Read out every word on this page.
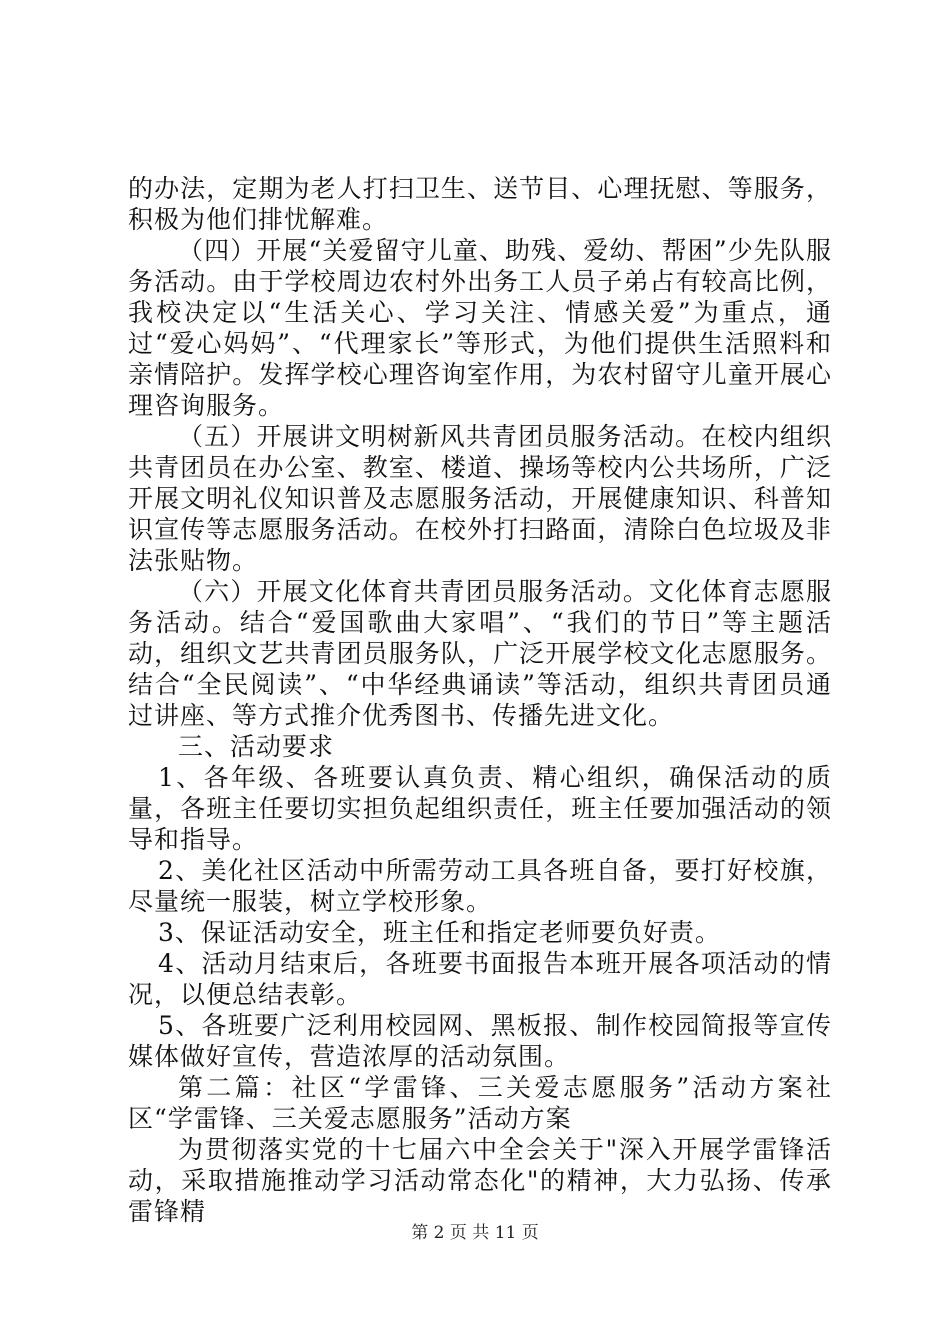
的办法，定期为老人打扫卫生、送节目、心理抚慰、等服务，积极为他们排忧解难。

（四）开展“关爱留守儿童、助残、爱幼、帮困”少先队服务活动。由于学校周边农村外出务工人员子弟占有较高比例，我校决定以“生活关心、学习关注、情感关爱”为重点，通过“爱心妈妈”、“代理家长”等形式，为他们提供生活照料和亲情陪护。发挥学校心理咨询室作用，为农村留守儿童开展心理咨询服务。

（五）开展讲文明树新风共青团员服务活动。在校内组织共青团员在办公室、教室、楼道、操场等校内公共场所，广泛开展文明礼仪知识普及志愿服务活动，开展健康知识、科普知识宣传等志愿服务活动。在校外打扫路面，清除白色垃圾及非法张贴物。

（六）开展文化体育共青团员服务活动。文化体育志愿服务活动。结合“爱国歌曲大家唱”、“我们的节日”等主题活动，组织文艺共青团员服务队，广泛开展学校文化志愿服务。结合“全民阅读”、“中华经典诵读”等活动，组织共青团员通过讲座、等方式推介优秀图书、传播先进文化。

三、活动要求

1、各年级、各班要认真负责、精心组织，确保活动的质量，各班主任要切实担负起组织责任，班主任要加强活动的领导和指导。

2、美化社区活动中所需劳动工具各班自备，要打好校旗，尽量统一服装，树立学校形象。

3、保证活动安全，班主任和指定老师要负好责。

4、活动月结束后，各班要书面报告本班开展各项活动的情况，以便总结表彰。

5、各班要广泛利用校园网、黑板报、制作校园简报等宣传媒体做好宣传，营造浓厚的活动氛围。

第二篇：社区“学雷锋、三关爱志愿服务”活动方案社区“学雷锋、三关爱志愿服务”活动方案

为贯彻落实党的十七届六中全会关于"深入开展学雷锋活动，采取措施推动学习活动常态化"的精神，大力弘扬、传承雷锋精

第 2 页 共 11 页
